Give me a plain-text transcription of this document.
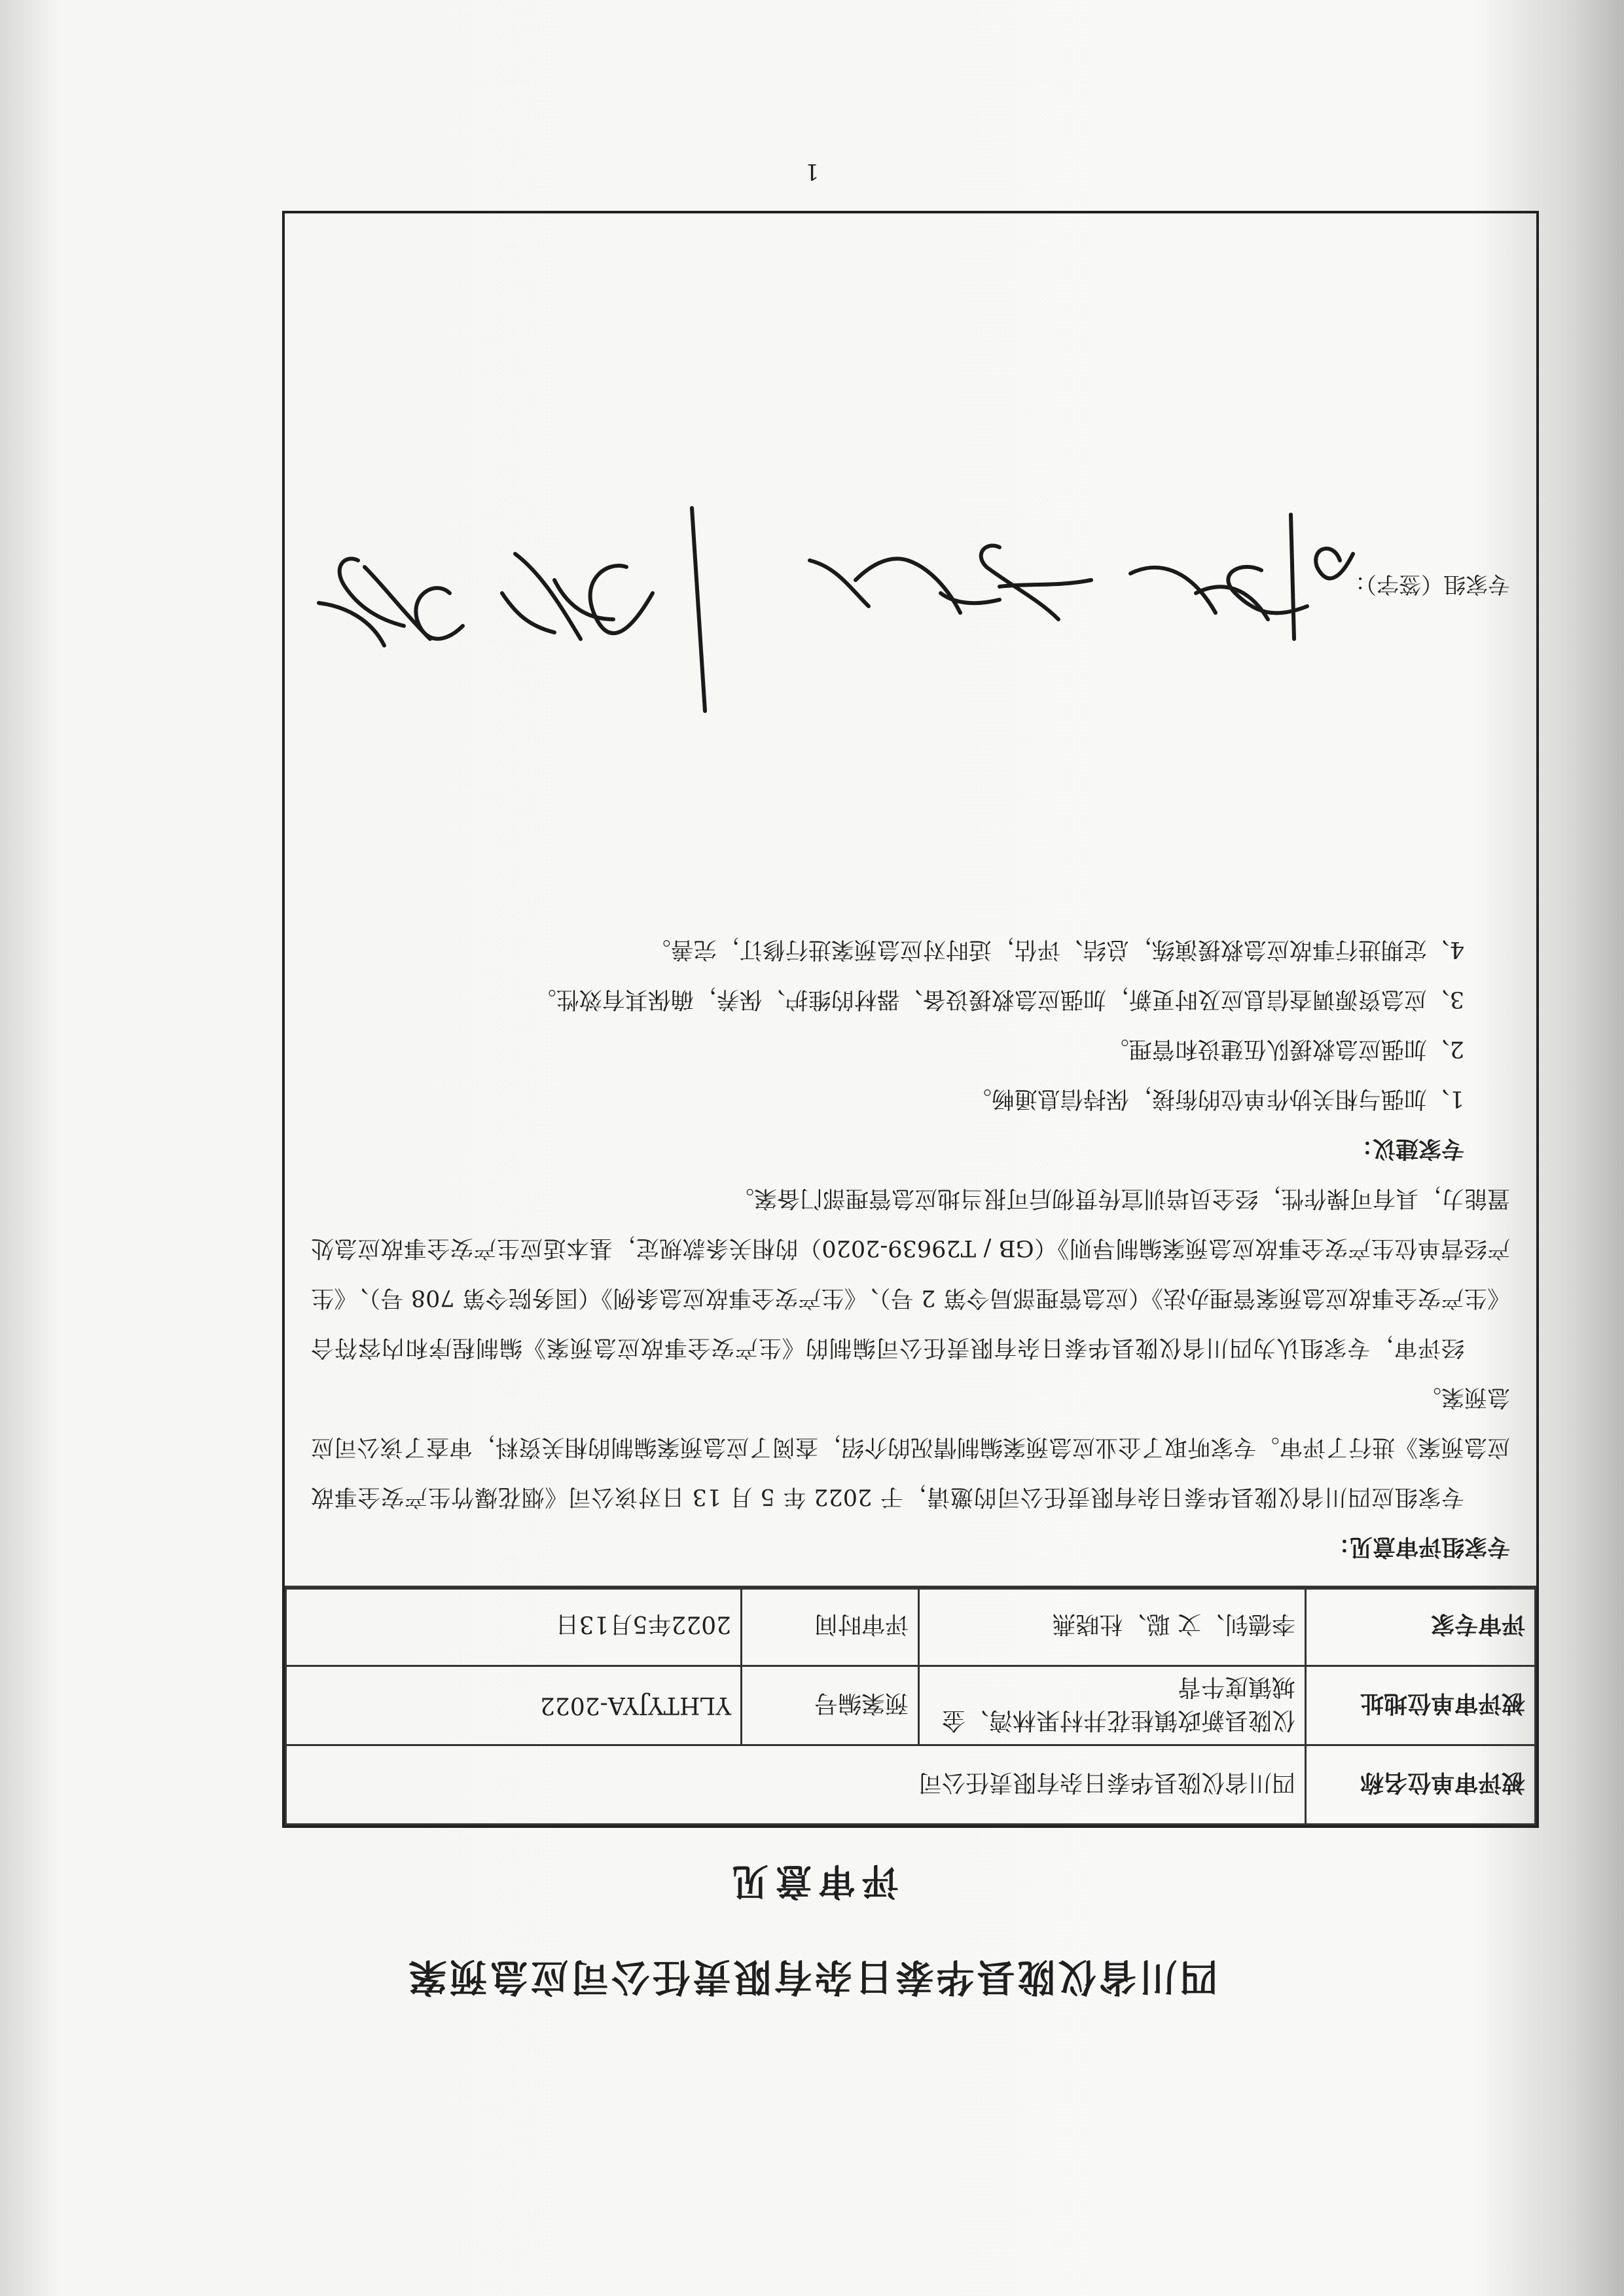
四川省仪陇县华泰日杂有限责任公司应急预案
评审意见
被评审单位名称	四川省仪陇县华泰日杂有限责任公司		
被评审单位地址	仪陇县新政镇桂花井村果林湾、金城镇度牛背	预案编号	YLHTYJYA-2022
评审专家	李德钊、文 聪、杜晓燕	评审时间	2022年5月13日

专家组评审意见：

专家组应四川省仪陇县华泰日杂有限责任公司的邀请，于 2022 年 5 月 13 日对该公司《烟花爆竹生产安全事故应急预案》进行了评审。专家听取了企业应急预案编制情况的介绍，查阅了应急预案编制的相关资料，审查了该公司应急预案。

经评审，专家组认为四川省仪陇县华泰日杂有限责任公司编制的《生产安全事故应急预案》编制程序和内容符合《生产安全事故应急预案管理办法》（应急管理部局令第 2 号）、《生产安全事故应急条例》（国务院令第 708 号）、《生产经营单位生产安全事故应急预案编制导则》（GB / T29639-2020）的相关条款规定，基本适应生产安全事故应急处置能力，具有可操作性，经全员培训宣传贯彻后可报当地应急管理部门备案。

专家建议：

1、加强与相关协作单位的衔接，保持信息通畅。

2、加强应急救援队伍建设和管理。

3、应急资源调查信息应及时更新，加强应急救援设备、器材的维护、保养，确保其有效性。

4、定期进行事故应急救援演练，总结、评估，适时对应急预案进行修订，完善。

专家组（签字）：
1
